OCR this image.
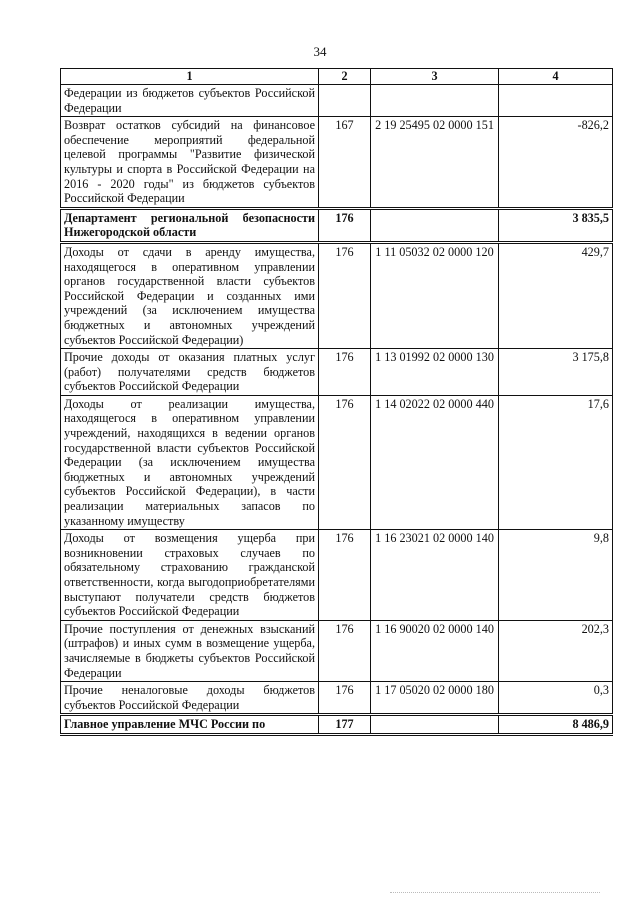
34
1	2	3	4
Федерации из бюджетов субъектов Российской Федерации			
Возврат остатков субсидий на финансовое обеспечение мероприятий федеральной целевой программы "Развитие физической культуры и спорта в Российской Федерации на 2016 - 2020 годы" из бюджетов субъектов Российской Федерации	167	2 19 25495 02 0000 151	-826,2
Департамент региональной безопасности Нижегородской области	176		3 835,5
Доходы от сдачи в аренду имущества, находящегося в оперативном управлении органов государственной власти субъектов Российской Федерации и созданных ими учреждений (за исключением имущества бюджетных и автономных учреждений субъектов Российской Федерации)	176	1 11 05032 02 0000 120	429,7
Прочие доходы от оказания платных услуг (работ) получателями средств бюджетов субъектов Российской Федерации	176	1 13 01992 02 0000 130	3 175,8
Доходы от реализации имущества, находящегося в оперативном управлении учреждений, находящихся в ведении органов государственной власти субъектов Российской Федерации (за исключением имущества бюджетных и автономных учреждений субъектов Российской Федерации), в части реализации материальных запасов по указанному имуществу	176	1 14 02022 02 0000 440	17,6
Доходы от возмещения ущерба при возникновении страховых случаев по обязательному страхованию гражданской ответственности, когда выгодоприобретателями выступают получатели средств бюджетов субъектов Российской Федерации	176	1 16 23021 02 0000 140	9,8
Прочие поступления от денежных взысканий (штрафов) и иных сумм в возмещение ущерба, зачисляемые в бюджеты субъектов Российской Федерации	176	1 16 90020 02 0000 140	202,3
Прочие неналоговые доходы бюджетов субъектов Российской Федерации	176	1 17 05020 02 0000 180	0,3
Главное управление МЧС России по	177		8 486,9
